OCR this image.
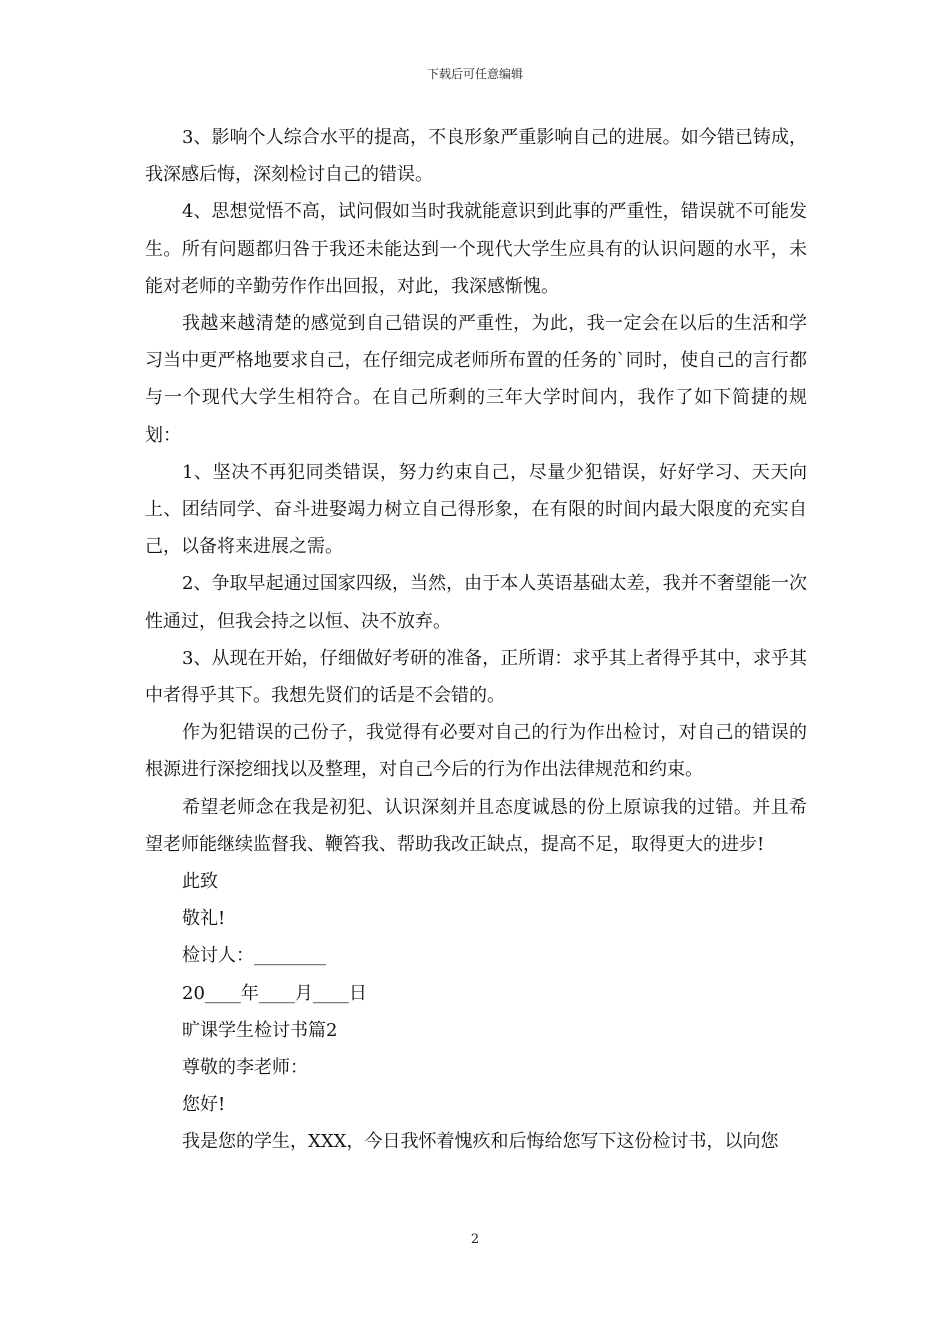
下载后可任意编辑

3、影响个人综合水平的提高，不良形象严重影响自己的进展。如今错已铸成，我深感后悔，深刻检讨自己的错误。

4、思想觉悟不高，试问假如当时我就能意识到此事的严重性，错误就不可能发生。所有问题都归咎于我还未能达到一个现代大学生应具有的认识问题的水平，未能对老师的辛勤劳作作出回报，对此，我深感惭愧。

我越来越清楚的感觉到自己错误的严重性，为此，我一定会在以后的生活和学习当中更严格地要求自己，在仔细完成老师所布置的任务的`同时，使自己的言行都与一个现代大学生相符合。在自己所剩的三年大学时间内，我作了如下简捷的规划：

1、坚决不再犯同类错误，努力约束自己，尽量少犯错误，好好学习、天天向上、团结同学、奋斗进娶竭力树立自己得形象，在有限的时间内最大限度的充实自己，以备将来进展之需。

2、争取早起通过国家四级，当然，由于本人英语基础太差，我并不奢望能一次性通过，但我会持之以恒、决不放弃。

3、从现在开始，仔细做好考研的准备，正所谓：求乎其上者得乎其中，求乎其中者得乎其下。我想先贤们的话是不会错的。

作为犯错误的己份子，我觉得有必要对自己的行为作出检讨，对自己的错误的根源进行深挖细找以及整理，对自己今后的行为作出法律规范和约束。

希望老师念在我是初犯、认识深刻并且态度诚恳的份上原谅我的过错。并且希望老师能继续监督我、鞭笞我、帮助我改正缺点，提高不足，取得更大的进步!

此致

敬礼!

检讨人：________

20____年____月____日

旷课学生检讨书篇2

尊敬的李老师：

您好!

我是您的学生，XXX，今日我怀着愧疚和后悔给您写下这份检讨书，以向您

2
